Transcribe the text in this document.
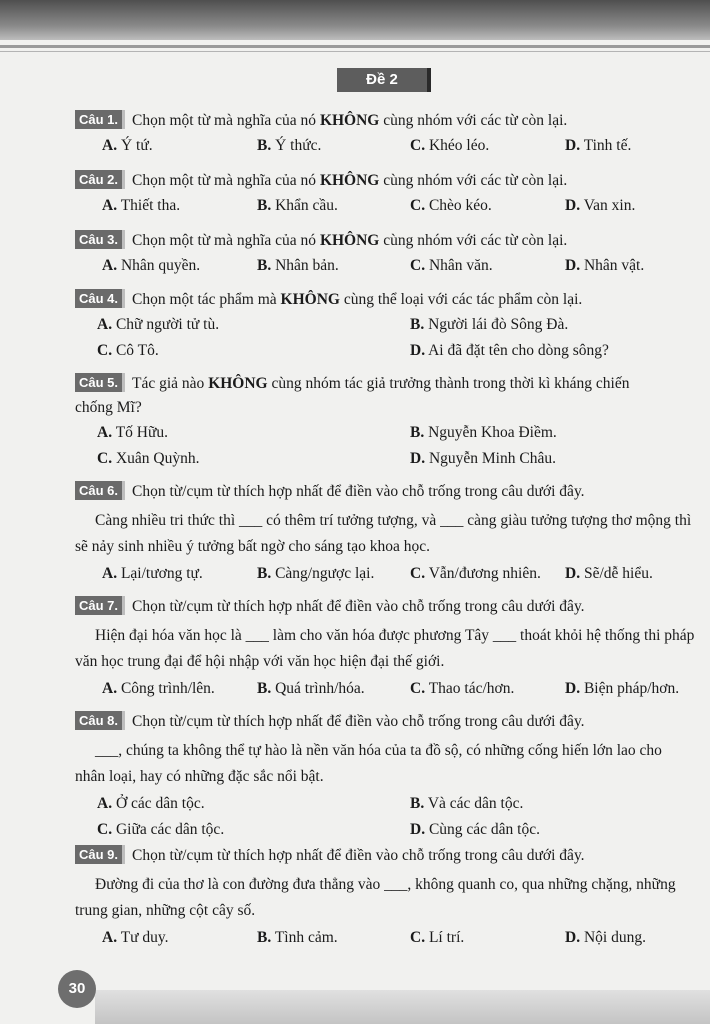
Đề 2
Câu 1. Chọn một từ mà nghĩa của nó KHÔNG cùng nhóm với các từ còn lại.
A. Ý tứ.	B. Ý thức.	C. Khéo léo.	D. Tinh tế.
Câu 2. Chọn một từ mà nghĩa của nó KHÔNG cùng nhóm với các từ còn lại.
A. Thiết tha.	B. Khẩn cầu.	C. Chèo kéo.	D. Van xin.
Câu 3. Chọn một từ mà nghĩa của nó KHÔNG cùng nhóm với các từ còn lại.
A. Nhân quyền.	B. Nhân bản.	C. Nhân văn.	D. Nhân vật.
Câu 4. Chọn một tác phẩm mà KHÔNG cùng thể loại với các tác phẩm còn lại.
A. Chữ người tử tù.	B. Người lái đò Sông Đà.
C. Cô Tô.	D. Ai đã đặt tên cho dòng sông?
Câu 5. Tác giả nào KHÔNG cùng nhóm tác giả trưởng thành trong thời kì kháng chiến
chống Mĩ?
A. Tố Hữu.	B. Nguyễn Khoa Điềm.
C. Xuân Quỳnh.	D. Nguyễn Minh Châu.
Câu 6. Chọn từ/cụm từ thích hợp nhất để điền vào chỗ trống trong câu dưới đây.
Càng nhiều tri thức thì ___ có thêm trí tưởng tượng, và ___ càng giàu tưởng tượng thơ mộng thì sẽ nảy sinh nhiều ý tưởng bất ngờ cho sáng tạo khoa học.
A. Lại/tương tự.	B. Càng/ngược lại. C. Vẫn/đương nhiên. D. Sẽ/dễ hiểu.
Câu 7. Chọn từ/cụm từ thích hợp nhất để điền vào chỗ trống trong câu dưới đây.
Hiện đại hóa văn học là ___ làm cho văn hóa được phương Tây ___ thoát khỏi hệ thống thi pháp văn học trung đại để hội nhập với văn học hiện đại thế giới.
A. Công trình/lên.	B. Quá trình/hóa.	C. Thao tác/hơn.	D. Biện pháp/hơn.
Câu 8. Chọn từ/cụm từ thích hợp nhất để điền vào chỗ trống trong câu dưới đây.
___, chúng ta không thể tự hào là nền văn hóa của ta đồ sộ, có những cống hiến lớn lao cho nhân loại, hay có những đặc sắc nổi bật.
A. Ở các dân tộc.	B. Và các dân tộc.
C. Giữa các dân tộc.	D. Cùng các dân tộc.
Câu 9. Chọn từ/cụm từ thích hợp nhất để điền vào chỗ trống trong câu dưới đây.
Đường đi của thơ là con đường đưa thẳng vào ___, không quanh co, qua những chặng, những trung gian, những cột cây số.
A. Tư duy.	B. Tình cảm.	C. Lí trí.	D. Nội dung.
30
